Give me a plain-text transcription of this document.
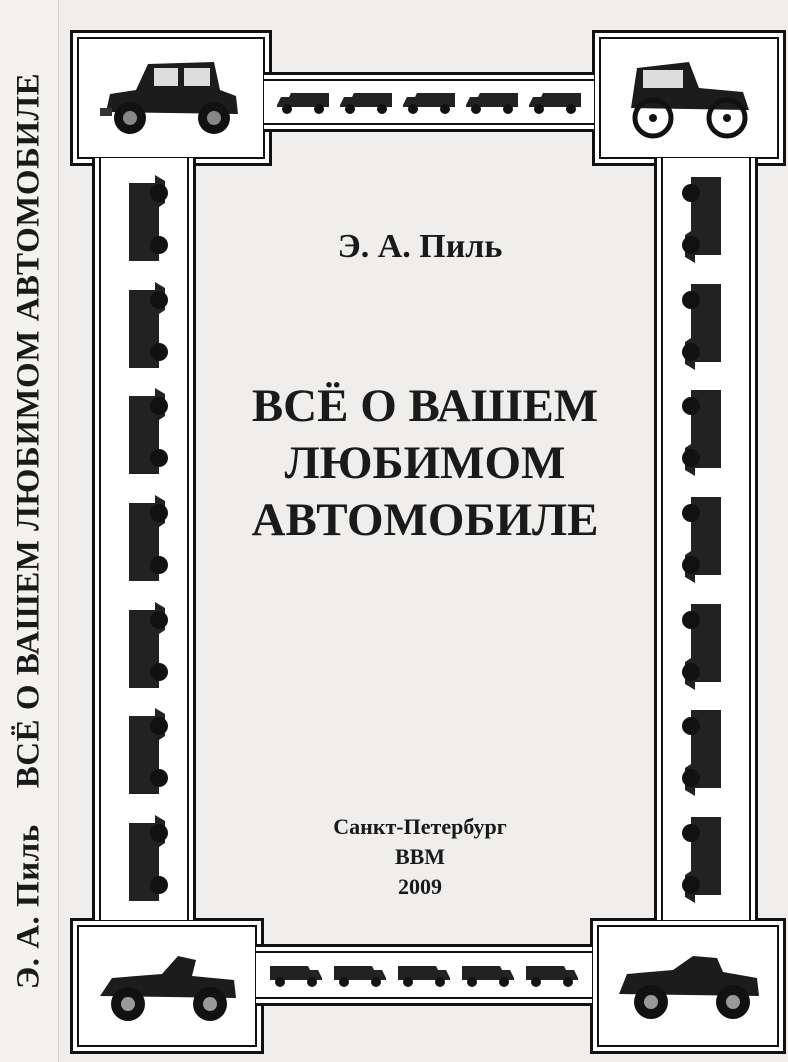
Э. А. Пиль
ВСЁ О ВАШЕМ ЛЮБИМОМ АВТОМОБИЛЕ	Э. А. Пиль
ВСЁ О ВАШЕМ
ЛЮБИМОМ
АВТОМОБИЛЕ
Санкт-Петербург
ВВМ
2009
